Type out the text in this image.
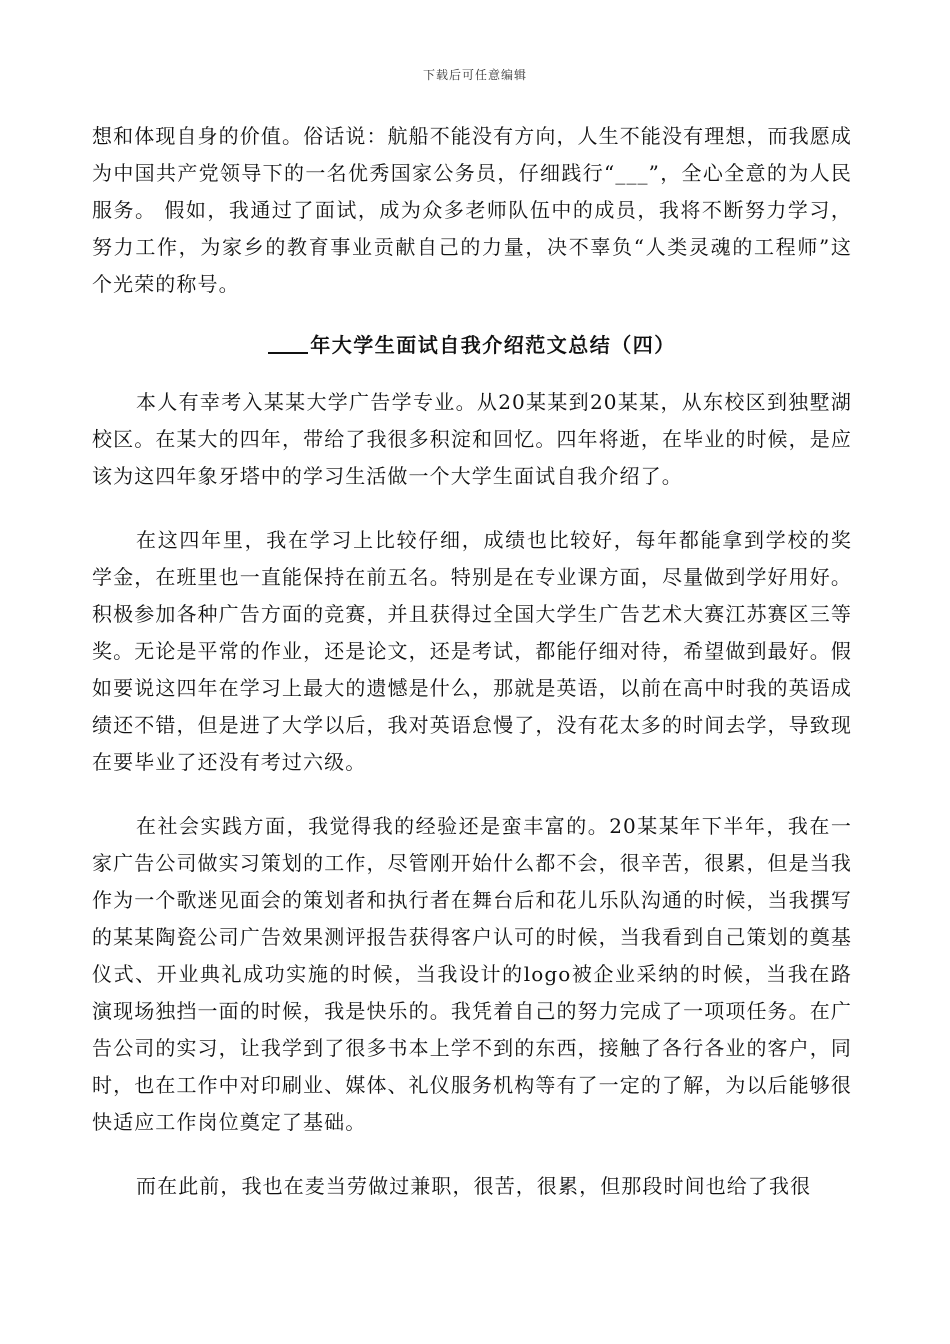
下载后可任意编辑

想和体现自身的价值。俗话说：航船不能没有方向，人生不能没有理想，而我愿成为中国共产党领导下的一名优秀国家公务员，仔细践行“___”，全心全意的为人民服务。 假如，我通过了面试，成为众多老师队伍中的成员，我将不断努力学习，努力工作，为家乡的教育事业贡献自己的力量，决不辜负“人类灵魂的工程师”这个光荣的称号。

年大学生面试自我介绍范文总结（四）

本人有幸考入某某大学广告学专业。从20某某到20某某，从东校区到独墅湖校区。在某大的四年，带给了我很多积淀和回忆。四年将逝，在毕业的时候，是应该为这四年象牙塔中的学习生活做一个大学生面试自我介绍了。

在这四年里，我在学习上比较仔细，成绩也比较好，每年都能拿到学校的奖学金，在班里也一直能保持在前五名。特别是在专业课方面，尽量做到学好用好。积极参加各种广告方面的竞赛，并且获得过全国大学生广告艺术大赛江苏赛区三等奖。无论是平常的作业，还是论文，还是考试，都能仔细对待，希望做到最好。假如要说这四年在学习上最大的遗憾是什么，那就是英语，以前在高中时我的英语成绩还不错，但是进了大学以后，我对英语怠慢了，没有花太多的时间去学，导致现在要毕业了还没有考过六级。

在社会实践方面，我觉得我的经验还是蛮丰富的。20某某年下半年，我在一家广告公司做实习策划的工作，尽管刚开始什么都不会，很辛苦，很累，但是当我作为一个歌迷见面会的策划者和执行者在舞台后和花儿乐队沟通的时候，当我撰写的某某陶瓷公司广告效果测评报告获得客户认可的时候，当我看到自己策划的奠基仪式、开业典礼成功实施的时候，当我设计的logo被企业采纳的时候，当我在路演现场独挡一面的时候，我是快乐的。我凭着自己的努力完成了一项项任务。在广告公司的实习，让我学到了很多书本上学不到的东西，接触了各行各业的客户，同时，也在工作中对印刷业、媒体、礼仪服务机构等有了一定的了解，为以后能够很快适应工作岗位奠定了基础。

而在此前，我也在麦当劳做过兼职，很苦，很累，但那段时间也给了我很
